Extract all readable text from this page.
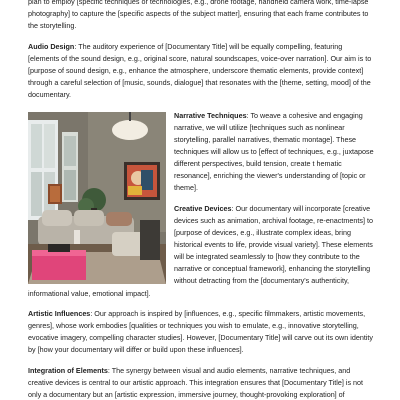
plan to employ [specific techniques or technologies, e.g., drone footage, handheld camera work, time-lapse photography] to capture the [specific aspects of the subject matter], ensuring that each frame contributes to the storytelling.

Audio Design: The auditory experience of [Documentary Title] will be equally compelling, featuring [elements of the sound design, e.g., original score, natural soundscapes, voice-over narration]. Our aim is to [purpose of sound design, e.g., enhance the atmosphere, underscore thematic elements, provide context] through a careful selection of [music, sounds, dialogue] that resonates with the [theme, setting, mood] of the documentary.

Narrative Techniques: To weave a cohesive and engaging narrative, we will utilize [techniques such as nonlinear storytelling, parallel narratives, thematic montage]. These techniques will allow us to [effect of techniques, e.g., juxtapose different perspectives, build tension, create t hematic resonance], enriching the viewer's understanding of [topic or theme].

Creative Devices: Our documentary will incorporate [creative devices such as animation, archival footage, re-enactments] to [purpose of devices, e.g., illustrate complex ideas, bring historical events to life, provide visual variety]. These elements will be integrated seamlessly to [how they contribute to the narrative or conceptual framework], enhancing the storytelling without detracting from the [documentary's authenticity, informational value, emotional impact].

Artistic Influences: Our approach is inspired by [influences, e.g., specific filmmakers, artistic movements, genres], whose work embodies [qualities or techniques you wish to emulate, e.g., innovative storytelling, evocative imagery, compelling character studies]. However, [Documentary Title] will carve out its own identity by [how your documentary will differ or build upon these influences].

Integration of Elements: The synergy between visual and audio elements, narrative techniques, and creative devices is central to our artistic approach. This integration ensures that [Documentary Title] is not only a documentary but an [artistic expression, immersive journey, thought-provoking exploration] of
